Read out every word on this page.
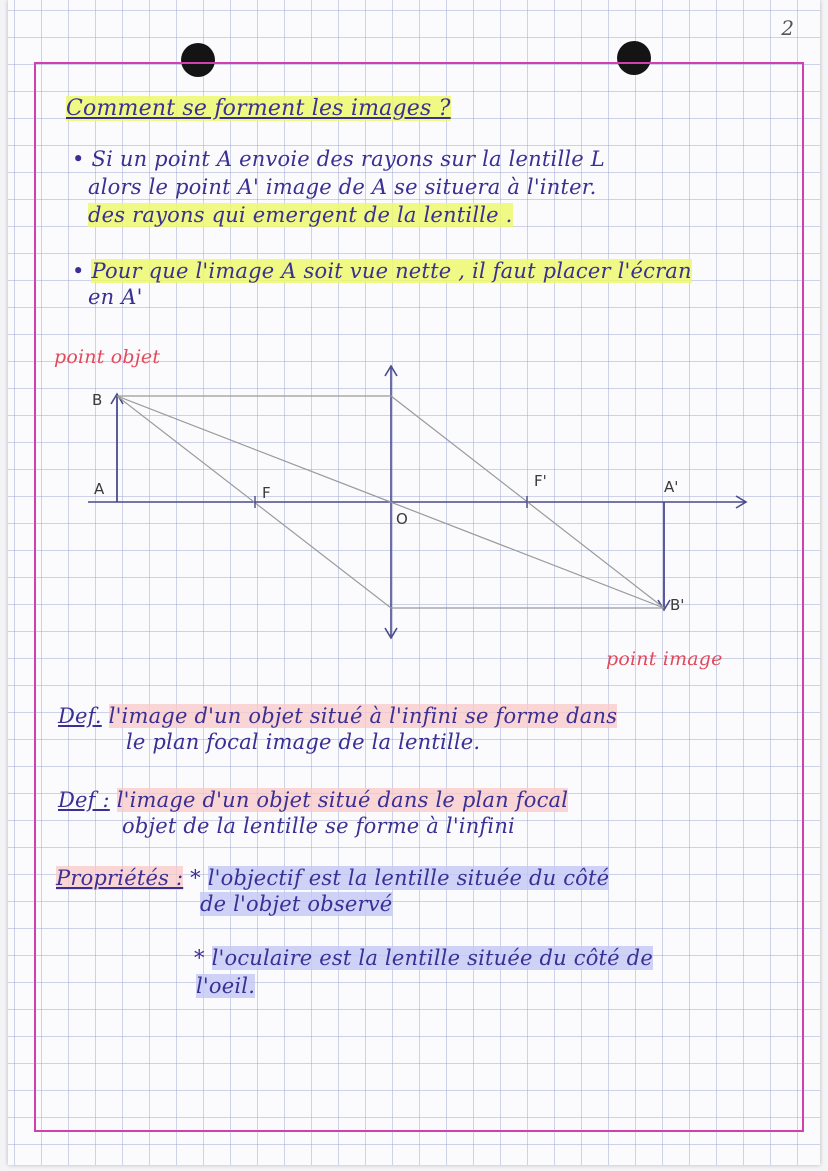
2
Comment se forment les images ?
• Si un point A envoie des rayons sur la lentille L
alors le point A' image de A se situera à l'inter.
des rayons qui emergent de la lentille .
• Pour que l'image A soit vue nette , il faut placer l'écran
en A'
point objet
point image
B
A	F
O
F'	A'
B'
Def. l'image d'un objet situé à l'infini se forme dans
le plan focal image de la lentille.
Def : l'image d'un objet situé dans le plan focal
objet de la lentille se forme à l'infini
Propriétés : * l'objectif est la lentille située du côté
de l'objet observé
* l'oculaire est la lentille située du côté de
l'oeil.
